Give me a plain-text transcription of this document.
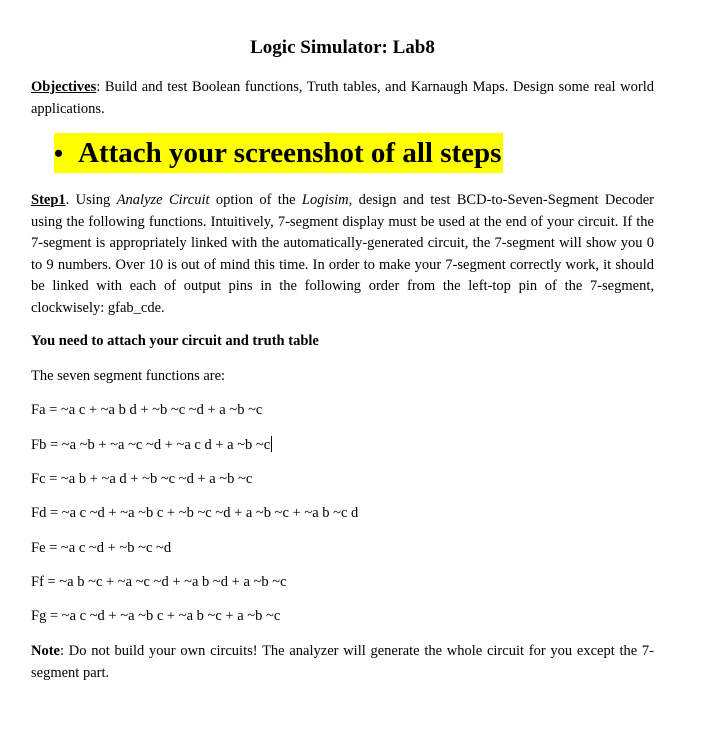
Logic Simulator: Lab8
Objectives: Build and test Boolean functions, Truth tables, and Karnaugh Maps. Design some real world applications.
• Attach your screenshot of all steps
Step1. Using Analyze Circuit option of the Logisim, design and test BCD-to-Seven-Segment Decoder using the following functions. Intuitively, 7-segment display must be used at the end of your circuit. If the 7-segment is appropriately linked with the automatically-generated circuit, the 7-segment will show you 0 to 9 numbers. Over 10 is out of mind this time. In order to make your 7-segment correctly work, it should be linked with each of output pins in the following order from the left-top pin of the 7-segment, clockwisely: gfab_cde.
You need to attach your circuit and truth table
The seven segment functions are:
Fa = ~a c + ~a b d + ~b ~c ~d + a ~b ~c
Fb = ~a ~b + ~a ~c ~d + ~a c d + a ~b ~c
Fc = ~a b + ~a d + ~b ~c ~d + a ~b ~c
Fd = ~a c ~d + ~a ~b c + ~b ~c ~d + a ~b ~c + ~a b ~c d
Fe = ~a c ~d + ~b ~c ~d
Ff = ~a b ~c + ~a ~c ~d + ~a b ~d + a ~b ~c
Fg = ~a c ~d + ~a ~b c + ~a b ~c + a ~b ~c
Note: Do not build your own circuits! The analyzer will generate the whole circuit for you except the 7-segment part.
